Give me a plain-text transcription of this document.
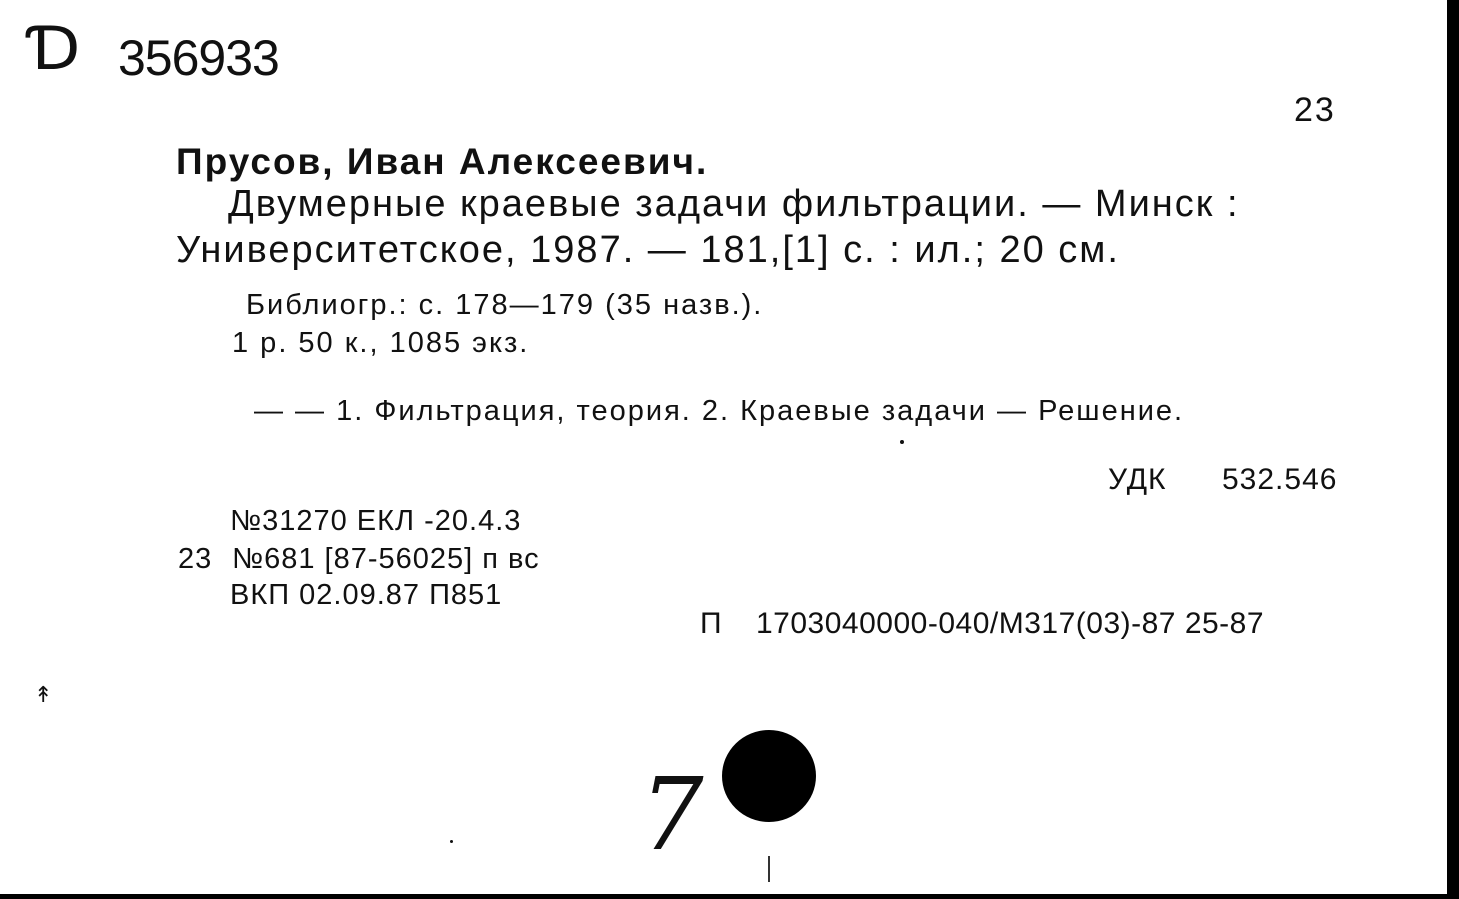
Ɗ 356933
23
Прусов, Иван Алексеевич.
Двумерные краевые задачи фильтрации. — Минск :
Университетское, 1987. — 181,[1] с. : ил.; 20 см.
Библиогр.: с. 178—179 (35 назв.).
1 р. 50 к., 1085 экз.
— — 1. Фильтрация, теория. 2. Краевые задачи — Решение.
УДК 532.546
№31270 ЕКЛ -20.4.3
23 №681 [87-56025] п вс
ВКП 02.09.87 П851
П 1703040000-040/М317(03)-87 25-87
↟
7
